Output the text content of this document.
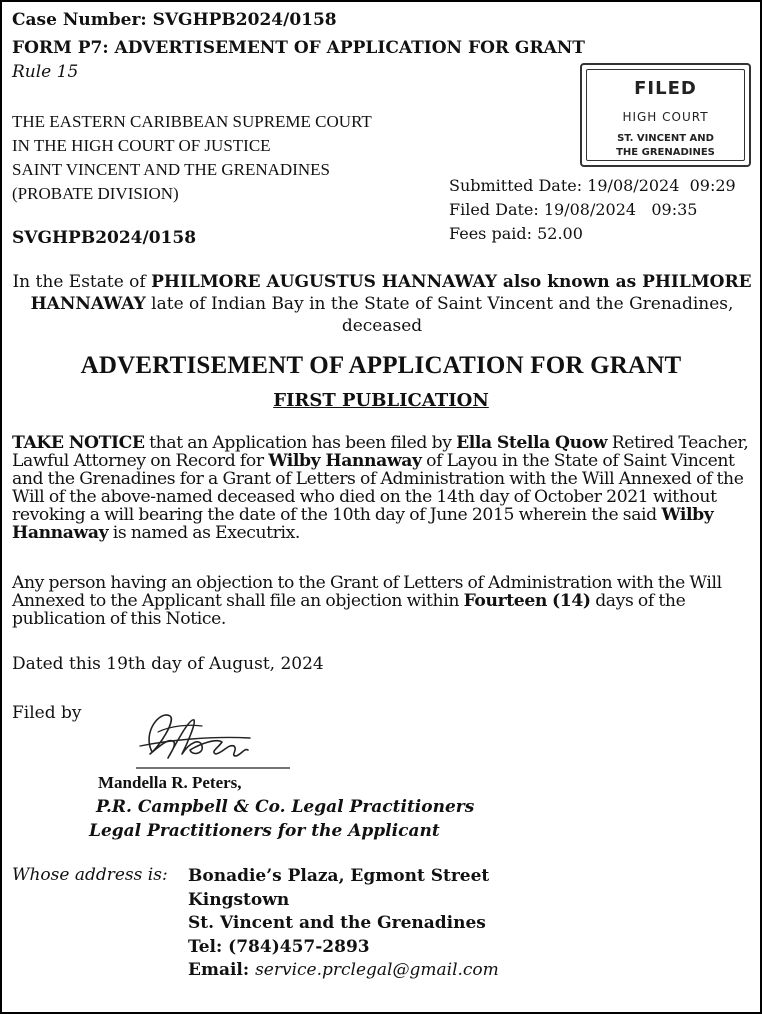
Case Number: SVGHPB2024/0158
FORM P7: ADVERTISEMENT OF APPLICATION FOR GRANT
Rule 15
THE EASTERN CARIBBEAN SUPREME COURT
IN THE HIGH COURT OF JUSTICE
SAINT VINCENT AND THE GRENADINES
(PROBATE DIVISION)
SVGHPB2024/0158
FILED
HIGH COURT
ST. VINCENT AND
THE GRENADINES
Submitted Date: 19/08/2024  09:29
Filed Date: 19/08/2024   09:35
Fees paid: 52.00
In the Estate of PHILMORE AUGUSTUS HANNAWAY also known as PHILMORE HANNAWAY late of Indian Bay in the State of Saint Vincent and the Grenadines, deceased
ADVERTISEMENT OF APPLICATION FOR GRANT
FIRST PUBLICATION
TAKE NOTICE that an Application has been filed by Ella Stella Quow Retired Teacher, Lawful Attorney on Record for Wilby Hannaway of Layou in the State of Saint Vincent and the Grenadines for a Grant of Letters of Administration with the Will Annexed of the Will of the above-named deceased who died on the 14th day of October 2021 without revoking a will bearing the date of the 10th day of June 2015 wherein the said Wilby Hannaway is named as Executrix.
Any person having an objection to the Grant of Letters of Administration with the Will Annexed to the Applicant shall file an objection within Fourteen (14) days of the publication of this Notice.
Dated this 19th day of August, 2024
Filed by
Mandella R. Peters,
P.R. Campbell & Co. Legal Practitioners
Legal Practitioners for the Applicant
Whose address is: Bonadie’s Plaza, Egmont Street
Kingstown
St. Vincent and the Grenadines
Tel: (784)457-2893
Email: service.prclegal@gmail.com
